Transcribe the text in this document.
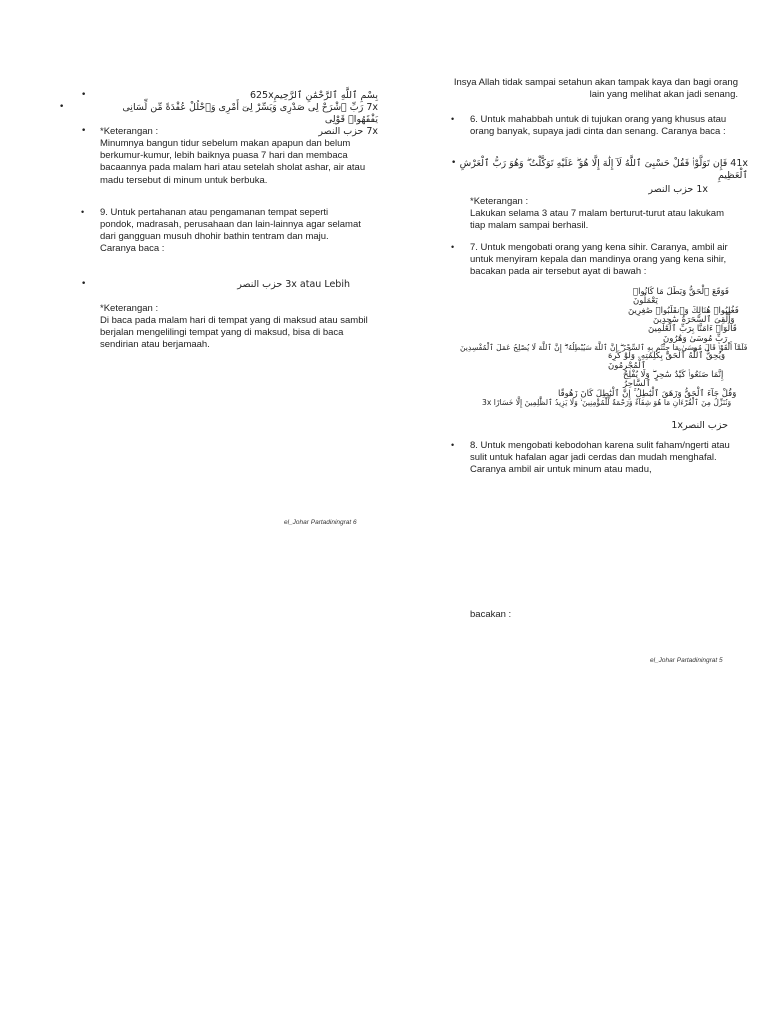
• بِسْمِ ٱللَّهِ ٱلرَّحْمَٰنِ ٱلرَّحِيمِ625x
• 7x رَبِّ ٱشْرَحْ لِى صَدْرِى وَيَسِّرْ لِىٓ أَمْرِى وَٱحْلُلْ عُقْدَةً مِّن لِّسَانِى يَفْقَهُوا۟ قَوْلِى
• 7x حزب النصر

*Keterangan :

Minumnya bangun tidur sebelum makan apapun dan belum berkumur-kumur, lebih baiknya puasa 7 hari dan membaca bacaannya pada malam hari atau setelah sholat ashar, air atau madu tersebut di minum untuk berbuka.

• 9. Untuk pertahanan atau pengamanan tempat seperti pondok, madrasah, perusahaan dan lain-lainnya agar selamat dari gangguan musuh dhohir bathin tentram dan maju. Caranya baca :
• 3x atau Lebih حزب النصر

*Keterangan :

Di baca pada malam hari di tempat yang di maksud atau sambil berjalan mengelilingi tempat yang di maksud, bisa di baca sendirian atau berjamaah.

el_Johar Partadiningrat 6
Insya Allah tidak sampai setahun akan tampak kaya dan bagi orang lain yang melihat akan jadi senang.
• 6. Untuk mahabbah untuk di tujukan orang yang khusus atau orang banyak, supaya jadi cinta dan senang. Caranya baca :
• 41x فَإِن تَوَلَّوْا۟ فَقُلْ حَسْبِىَ ٱللَّهُ لَآ إِلَٰهَ إِلَّا هُوَ ۖ عَلَيْهِ تَوَكَّلْتُ ۖ وَهُوَ رَبُّ ٱلْعَرْشِ ٱلْعَظِيمِ
1x حزب النصر

*Keterangan :

Lakukan selama 3 atau 7 malam berturut-turut atau lakukam tiap malam sampai berhasil.

• 7. Untuk mengobati orang yang kena sihir. Caranya, ambil air untuk menyiram kepala dan mandinya orang yang kena sihir, bacakan pada air tersebut ayat di bawah :
فَوَقَعَ ٱلْحَقُّ وَبَطَلَ مَا كَانُوا۟ يَعْمَلُونَ
فَغُلِبُوا۟ هُنَالِكَ وَٱنقَلَبُوا۟ صَٰغِرِينَ
وَأُلْقِىَ ٱلسَّحَرَةُ سَٰجِدِينَ
قَالُوٓا۟ ءَامَنَّا بِرَبِّ ٱلْعَٰلَمِينَ
رَبِّ مُوسَىٰ وَهَٰرُونَ
فَلَمَّآ أَلْقَوْا۟ قَالَ مُوسَىٰ مَا جِئْتُم بِهِ ٱلسِّحْرُ ۖ إِنَّ ٱللَّهَ سَيُبْطِلُهُۥٓ ۖ إِنَّ ٱللَّهَ لَا يُصْلِحُ عَمَلَ ٱلْمُفْسِدِينَ
وَيُحِقُّ ٱللَّهُ ٱلْحَقَّ بِكَلِمَٰتِهِۦ وَلَوْ كَرِهَ ٱلْمُجْرِمُونَ
إِنَّمَا صَنَعُوا۟ كَيْدُ سَٰحِرٍ ۖ وَلَا يُفْلِحُ ٱلسَّاحِرُ
وَقُلْ جَآءَ ٱلْحَقُّ وَزَهَقَ ٱلْبَٰطِلُ ۚ إِنَّ ٱلْبَٰطِلَ كَانَ زَهُوقًا
3x وَنُنَزِّلُ مِنَ ٱلْقُرْءَانِ مَا هُوَ شِفَآءٌ وَرَحْمَةٌ لِّلْمُؤْمِنِينَ ۙ وَلَا يَزِيدُ ٱلظَّٰلِمِينَ إِلَّا خَسَارًا
حزب النصر1x
• 8. Untuk mengobati kebodohan karena sulit faham/ngerti atau sulit untuk hafalan agar jadi cerdas dan mudah menghafal. Caranya ambil air untuk minum atau madu,
bacakan :
el_Johar Partadiningrat 5
